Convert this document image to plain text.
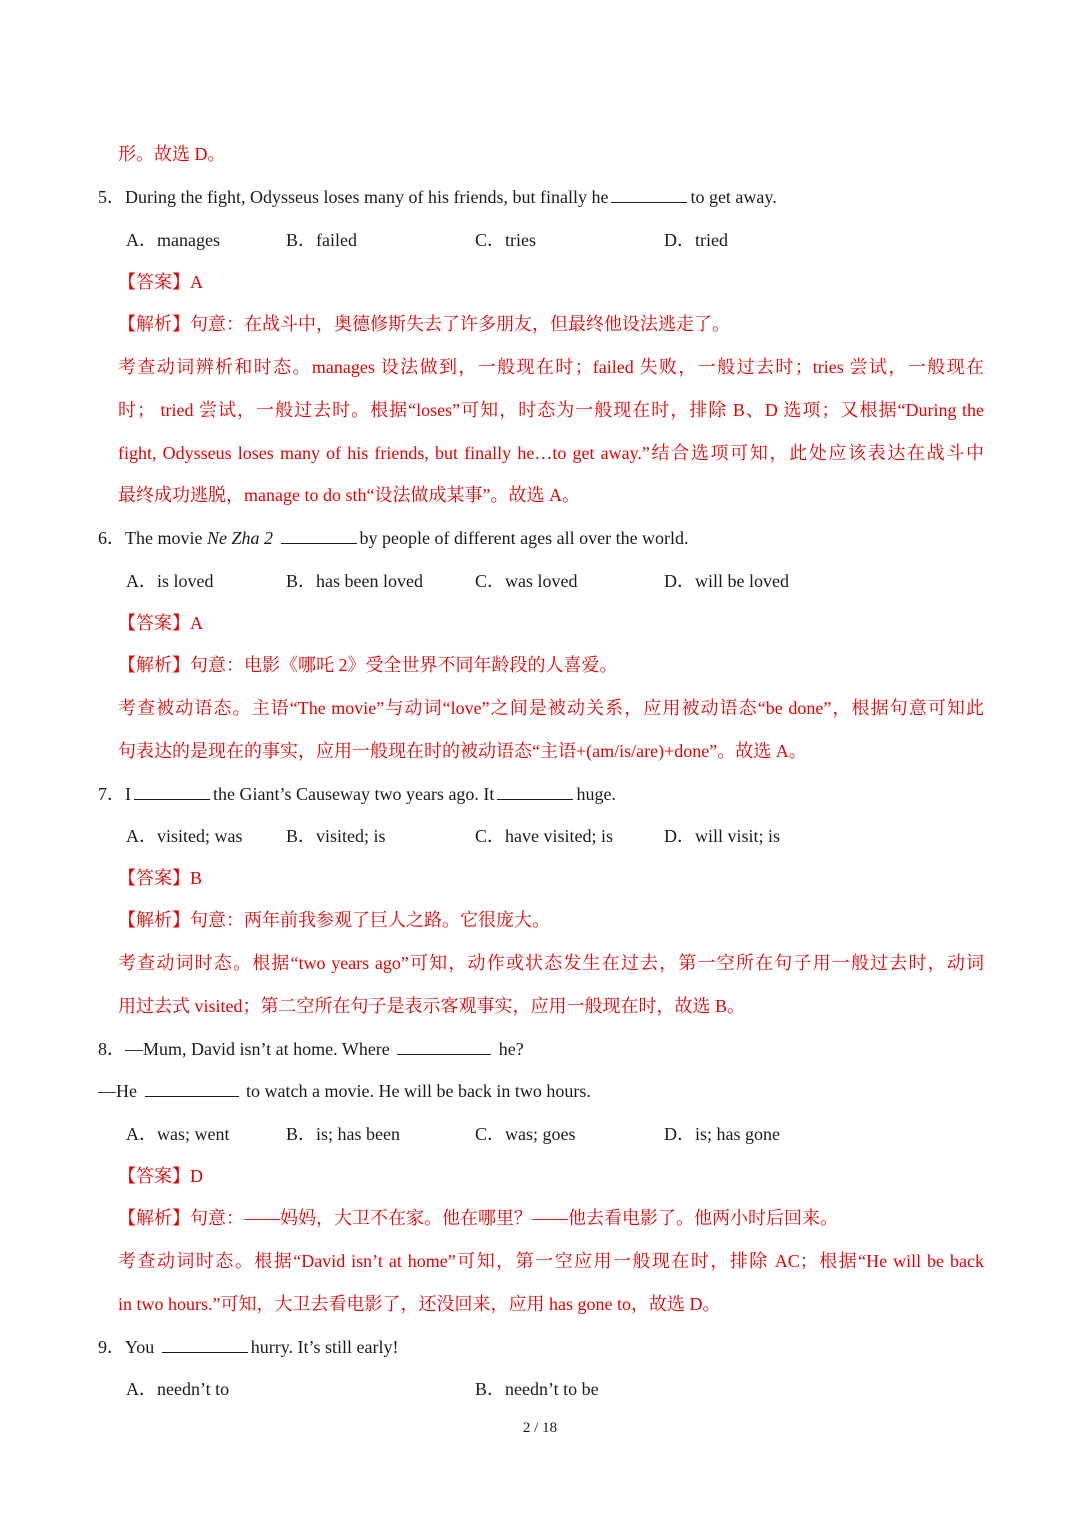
形。故选 D。
5．During the fight, Odysseus loses many of his friends, but finally he	to get away.
A．manages	B．failed	C．tries	D．tried
【答案】A
【解析】句意：在战斗中，奥德修斯失去了许多朋友，但最终他设法逃走了。
考查动词辨析和时态。manages 设法做到，一般现在时；failed 失败，一般过去时；tries 尝试，一般现在
时； tried 尝试，一般过去时。根据“loses”可知，时态为一般现在时，排除 B、D 选项；又根据“During the
fight, Odysseus loses many of his friends, but finally he…to get away.”结合选项可知，此处应该表达在战斗中
最终成功逃脱，manage to do sth“设法做成某事”。故选 A。
6．The movie Ne Zha 2	by people of different ages all over the world.
A．is loved	B．has been loved	C．was loved	D．will be loved
【答案】A
【解析】句意：电影《哪吒 2》受全世界不同年龄段的人喜爱。
考查被动语态。主语“The movie”与动词“love”之间是被动关系，应用被动语态“be done”，根据句意可知此
句表达的是现在的事实，应用一般现在时的被动语态“主语+(am/is/are)+done”。故选 A。
7．I	the Giant’s Causeway two years ago. It	huge.
A．visited; was B．visited; is	C．have visited; is	D．will visit; is
【答案】B
【解析】句意：两年前我参观了巨人之路。它很庞大。
考查动词时态。根据“two years ago”可知，动作或状态发生在过去，第一空所在句子用一般过去时，动词
用过去式 visited；第二空所在句子是表示客观事实，应用一般现在时，故选 B。
8．—Mum, David isn’t at home. Where	he?
—He	to watch a movie. He will be back in two hours.
A．was; went	B．is; has been	C．was; goes	D．is; has gone
【答案】D
【解析】句意：——妈妈，大卫不在家。他在哪里？——他去看电影了。他两小时后回来。
考查动词时态。根据“David isn’t at home”可知，第一空应用一般现在时，排除 AC；根据“He will be back
in two hours.”可知，大卫去看电影了，还没回来，应用 has gone to，故选 D。
9．You	hurry. It’s still early!
A．needn’t to	B．needn’t to be
2 / 18
